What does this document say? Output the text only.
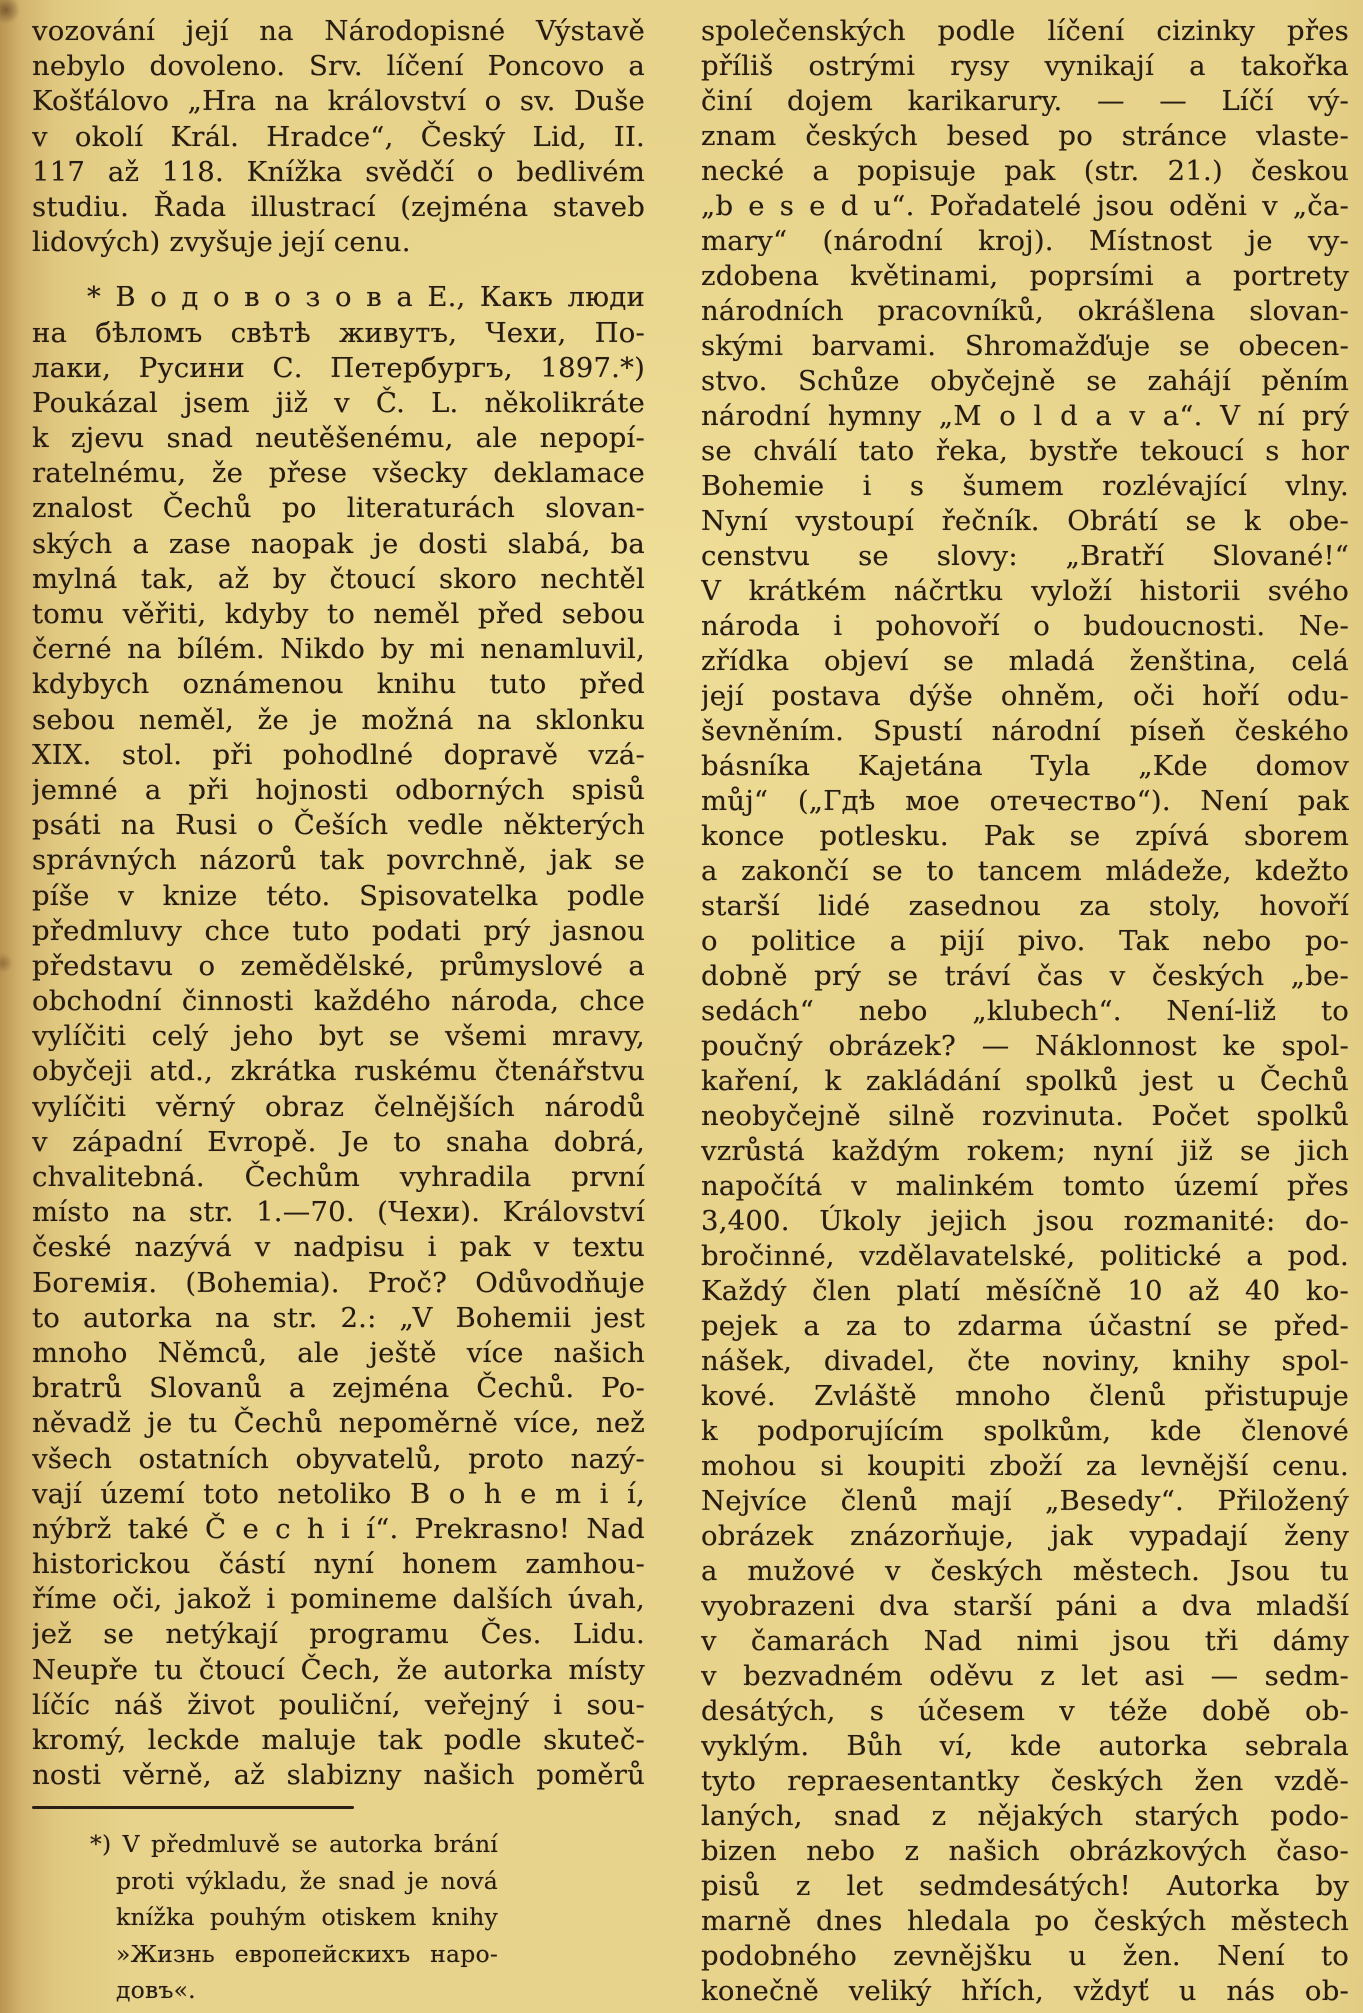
vozování její na Národopisné Výstavě
nebylo dovoleno. Srv. líčení Poncovo a
Košťálovo „Hra na království o sv. Duše
v okolí Král. Hradce“, Český Lid, II.
117 až 118. Knížka svědčí o bedlivém
studiu. Řada illustrací (zejména staveb
lidových) zvyšuje její cenu.
* В о д о в о з о в а Е., Какъ люди
на бѣломъ свѣтѣ живутъ, Чехи, По-
лаки, Русини С. Петербургъ, 1897.*)
Poukázal jsem již v Č. L. několikráte
k zjevu snad neutěšenému, ale nepopí-
ratelnému, že přese všecky deklamace
znalost Čechů po literaturách slovan-
ských a zase naopak je dosti slabá, ba
mylná tak, až by čtoucí skoro nechtěl
tomu věřiti, kdyby to neměl před sebou
černé na bílém. Nikdo by mi nenamluvil,
kdybych oznámenou knihu tuto před
sebou neměl, že je možná na sklonku
XIX. stol. při pohodlné dopravě vzá-
jemné a při hojnosti odborných spisů
psáti na Rusi o Češích vedle některých
správných názorů tak povrchně, jak se
píše v knize této. Spisovatelka podle
předmluvy chce tuto podati prý jasnou
představu o zemědělské, průmyslové a
obchodní činnosti každého národa, chce
vylíčiti celý jeho byt se všemi mravy,
obyčeji atd., zkrátka ruskému čtenářstvu
vylíčiti věrný obraz čelnějších národů
v západní Evropě. Je to snaha dobrá,
chvalitebná. Čechům vyhradila první
místo na str. 1.—70. (Чехи). Království
české nazývá v nadpisu i pak v textu
Богемія. (Bohemia). Proč? Odůvodňuje
to autorka na str. 2.: „V Bohemii jest
mnoho Němců, ale ještě více našich
bratrů Slovanů a zejména Čechů. Po-
něvadž je tu Čechů nepoměrně více, než
všech ostatních obyvatelů, proto nazý-
vají území toto netoliko B o h e m i í,
nýbrž také Č e c h i í“. Prekrasno! Nad
historickou částí nyní honem zamhou-
říme oči, jakož i pomineme dalších úvah,
jež se netýkají programu Čes. Lidu.
Neupře tu čtoucí Čech, že autorka místy
líčíc náš život pouliční, veřejný i sou-
kromý, leckde maluje tak podle skuteč-
nosti věrně, až slabizny našich poměrů
*) V předmluvě se autorka brání
proti výkladu, že snad je nová
knížka pouhým otiskem knihy
»Жизнь европейскихъ наро-
довъ«.
společenských podle líčení cizinky přes
příliš ostrými rysy vynikají a takořka
činí dojem karikarury. — — Líčí vý-
znam českých besed po stránce vlaste-
necké a popisuje pak (str. 21.) českou
„b e s e d u“. Pořadatelé jsou oděni v „ča-
mary“ (národní kroj). Místnost je vy-
zdobena květinami, poprsími a portrety
národních pracovníků, okrášlena slovan-
skými barvami. Shromažďuje se obecen-
stvo. Schůze obyčejně se zahájí pěním
národní hymny „M o l d a v a“. V ní prý
se chválí tato řeka, bystře tekoucí s hor
Bohemie i s šumem rozlévající vlny.
Nyní vystoupí řečník. Obrátí se k obe-
censtvu se slovy: „Bratří Slované!“
V krátkém náčrtku vyloží historii svého
národa i pohovoří o budoucnosti. Ne-
zřídka objeví se mladá ženština, celá
její postava dýše ohněm, oči hoří odu-
ševněním. Spustí národní píseň českého
básníka Kajetána Tyla „Kde domov
můj“ („Гдѣ мое отечество“). Není pak
konce potlesku. Pak se zpívá sborem
a zakončí se to tancem mládeže, kdežto
starší lidé zasednou za stoly, hovoří
o politice a pijí pivo. Tak nebo po-
dobně prý se tráví čas v českých „be-
sedách“ nebo „klubech“. Není-liž to
poučný obrázek? — Náklonnost ke spol-
kaření, k zakládání spolků jest u Čechů
neobyčejně silně rozvinuta. Počet spolků
vzrůstá každým rokem; nyní již se jich
napočítá v malinkém tomto území přes
3,400. Úkoly jejich jsou rozmanité: do-
bročinné, vzdělavatelské, politické a pod.
Každý člen platí měsíčně 10 až 40 ko-
pejek a za to zdarma účastní se před-
nášek, divadel, čte noviny, knihy spol-
kové. Zvláště mnoho členů přistupuje
k podporujícím spolkům, kde členové
mohou si koupiti zboží za levnější cenu.
Nejvíce členů mají „Besedy“. Přiložený
obrázek znázorňuje, jak vypadají ženy
a mužové v českých městech. Jsou tu
vyobrazeni dva starší páni a dva mladší
v čamarách Nad nimi jsou tři dámy
v bezvadném oděvu z let asi — sedm-
desátých, s účesem v téže době ob-
vyklým. Bůh ví, kde autorka sebrala
tyto repraesentantky českých žen vzdě-
laných, snad z nějakých starých podo-
bizen nebo z našich obrázkových časo-
pisů z let sedmdesátých! Autorka by
marně dnes hledala po českých městech
podobného zevnějšku u žen. Není to
konečně veliký hřích, vždyť u nás ob-
